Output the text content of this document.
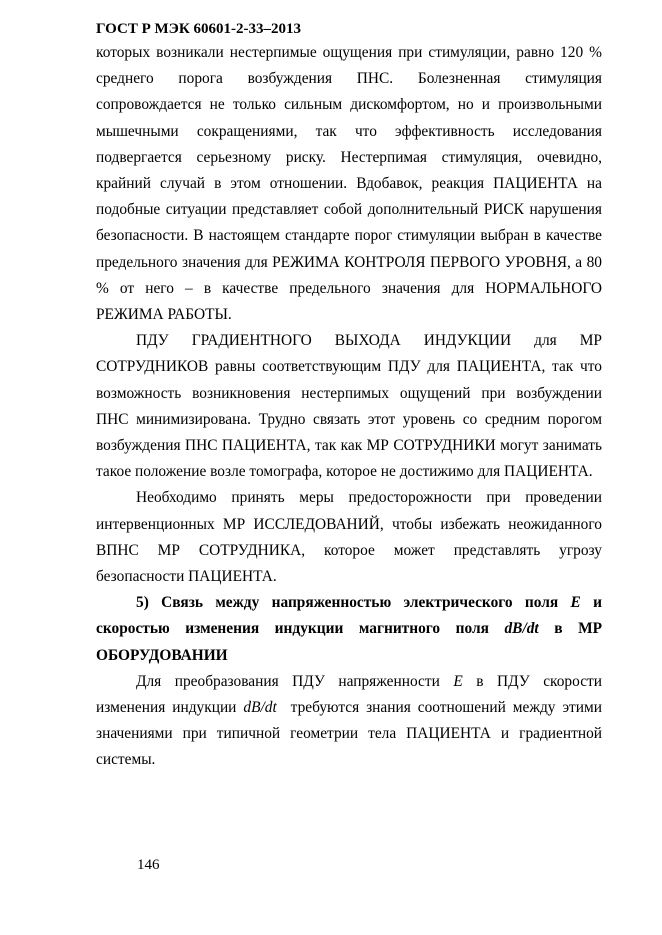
ГОСТ Р МЭК 60601-2-33–2013

которых возникали нестерпимые ощущения при стимуляции, равно 120 % среднего порога возбуждения ПНС. Болезненная стимуляция сопровождается не только сильным дискомфортом, но и произвольными мышечными сокращениями, так что эффективность исследования подвергается серьезному риску. Нестерпимая стимуляция, очевидно, крайний случай в этом отношении. Вдобавок, реакция ПАЦИЕНТА на подобные ситуации представляет собой дополнительный РИСК нарушения безопасности. В настоящем стандарте порог стимуляции выбран в качестве предельного значения для РЕЖИМА КОНТРОЛЯ ПЕРВОГО УРОВНЯ, а 80 % от него – в качестве предельного значения для НОРМАЛЬНОГО РЕЖИМА РАБОТЫ.

ПДУ ГРАДИЕНТНОГО ВЫХОДА ИНДУКЦИИ для МР СОТРУДНИКОВ равны соответствующим ПДУ для ПАЦИЕНТА, так что возможность возникновения нестерпимых ощущений при возбуждении ПНС минимизирована. Трудно связать этот уровень со средним порогом возбуждения ПНС ПАЦИЕНТА, так как МР СОТРУДНИКИ могут занимать такое положение возле томографа, которое не достижимо для ПАЦИЕНТА.

Необходимо принять меры предосторожности при проведении интервенционных МР ИССЛЕДОВАНИЙ, чтобы избежать неожиданного ВПНС МР СОТРУДНИКА, которое может представлять угрозу безопасности ПАЦИЕНТА.

5) Связь между напряженностью электрического поля E и скоростью изменения индукции магнитного поля dB/dt в МР ОБОРУДОВАНИИ

Для преобразования ПДУ напряженности E в ПДУ скорости изменения индукции dB/dt требуются знания соотношений между этими значениями при типичной геометрии тела ПАЦИЕНТА и градиентной системы.

146
